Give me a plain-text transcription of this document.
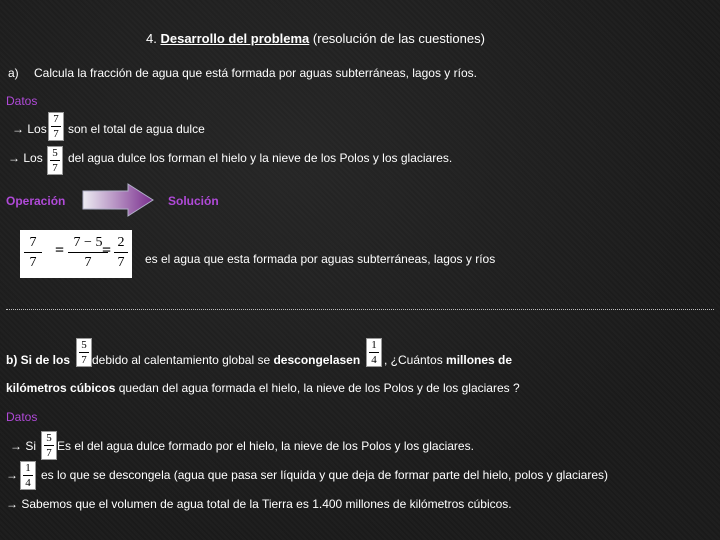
4. Desarrollo del problema (resolución de las cuestiones)
a) Calcula la fracción de agua que está formada por aguas subterráneas, lagos y ríos.
Datos
→ Los
7
7 son el total de agua dulce
→ Los 5
7
del agua dulce los forman el hielo y la nieve de los Polos y los glaciares.
Operación	Solución
7
7
= 7 − 5
7
= 2
7 es el agua que esta formada por aguas subterráneas, lagos y ríos
b) Si de los
5
7 debido al calentamiento global se descongelasen
1
4 , ¿Cuántos millones de
kilómetros cúbicos quedan del agua formada el hielo, la nieve de los Polos y de los glaciares ?
Datos
→ Si
5
7 Es el del agua dulce formado por el hielo, la nieve de los Polos y los glaciares.
→ 1
4
es lo que se descongela (agua que pasa ser líquida y que deja de formar parte del hielo, polos y glaciares)
→ Sabemos que el volumen de agua total de la Tierra es 1.400 millones de kilómetros cúbicos.
